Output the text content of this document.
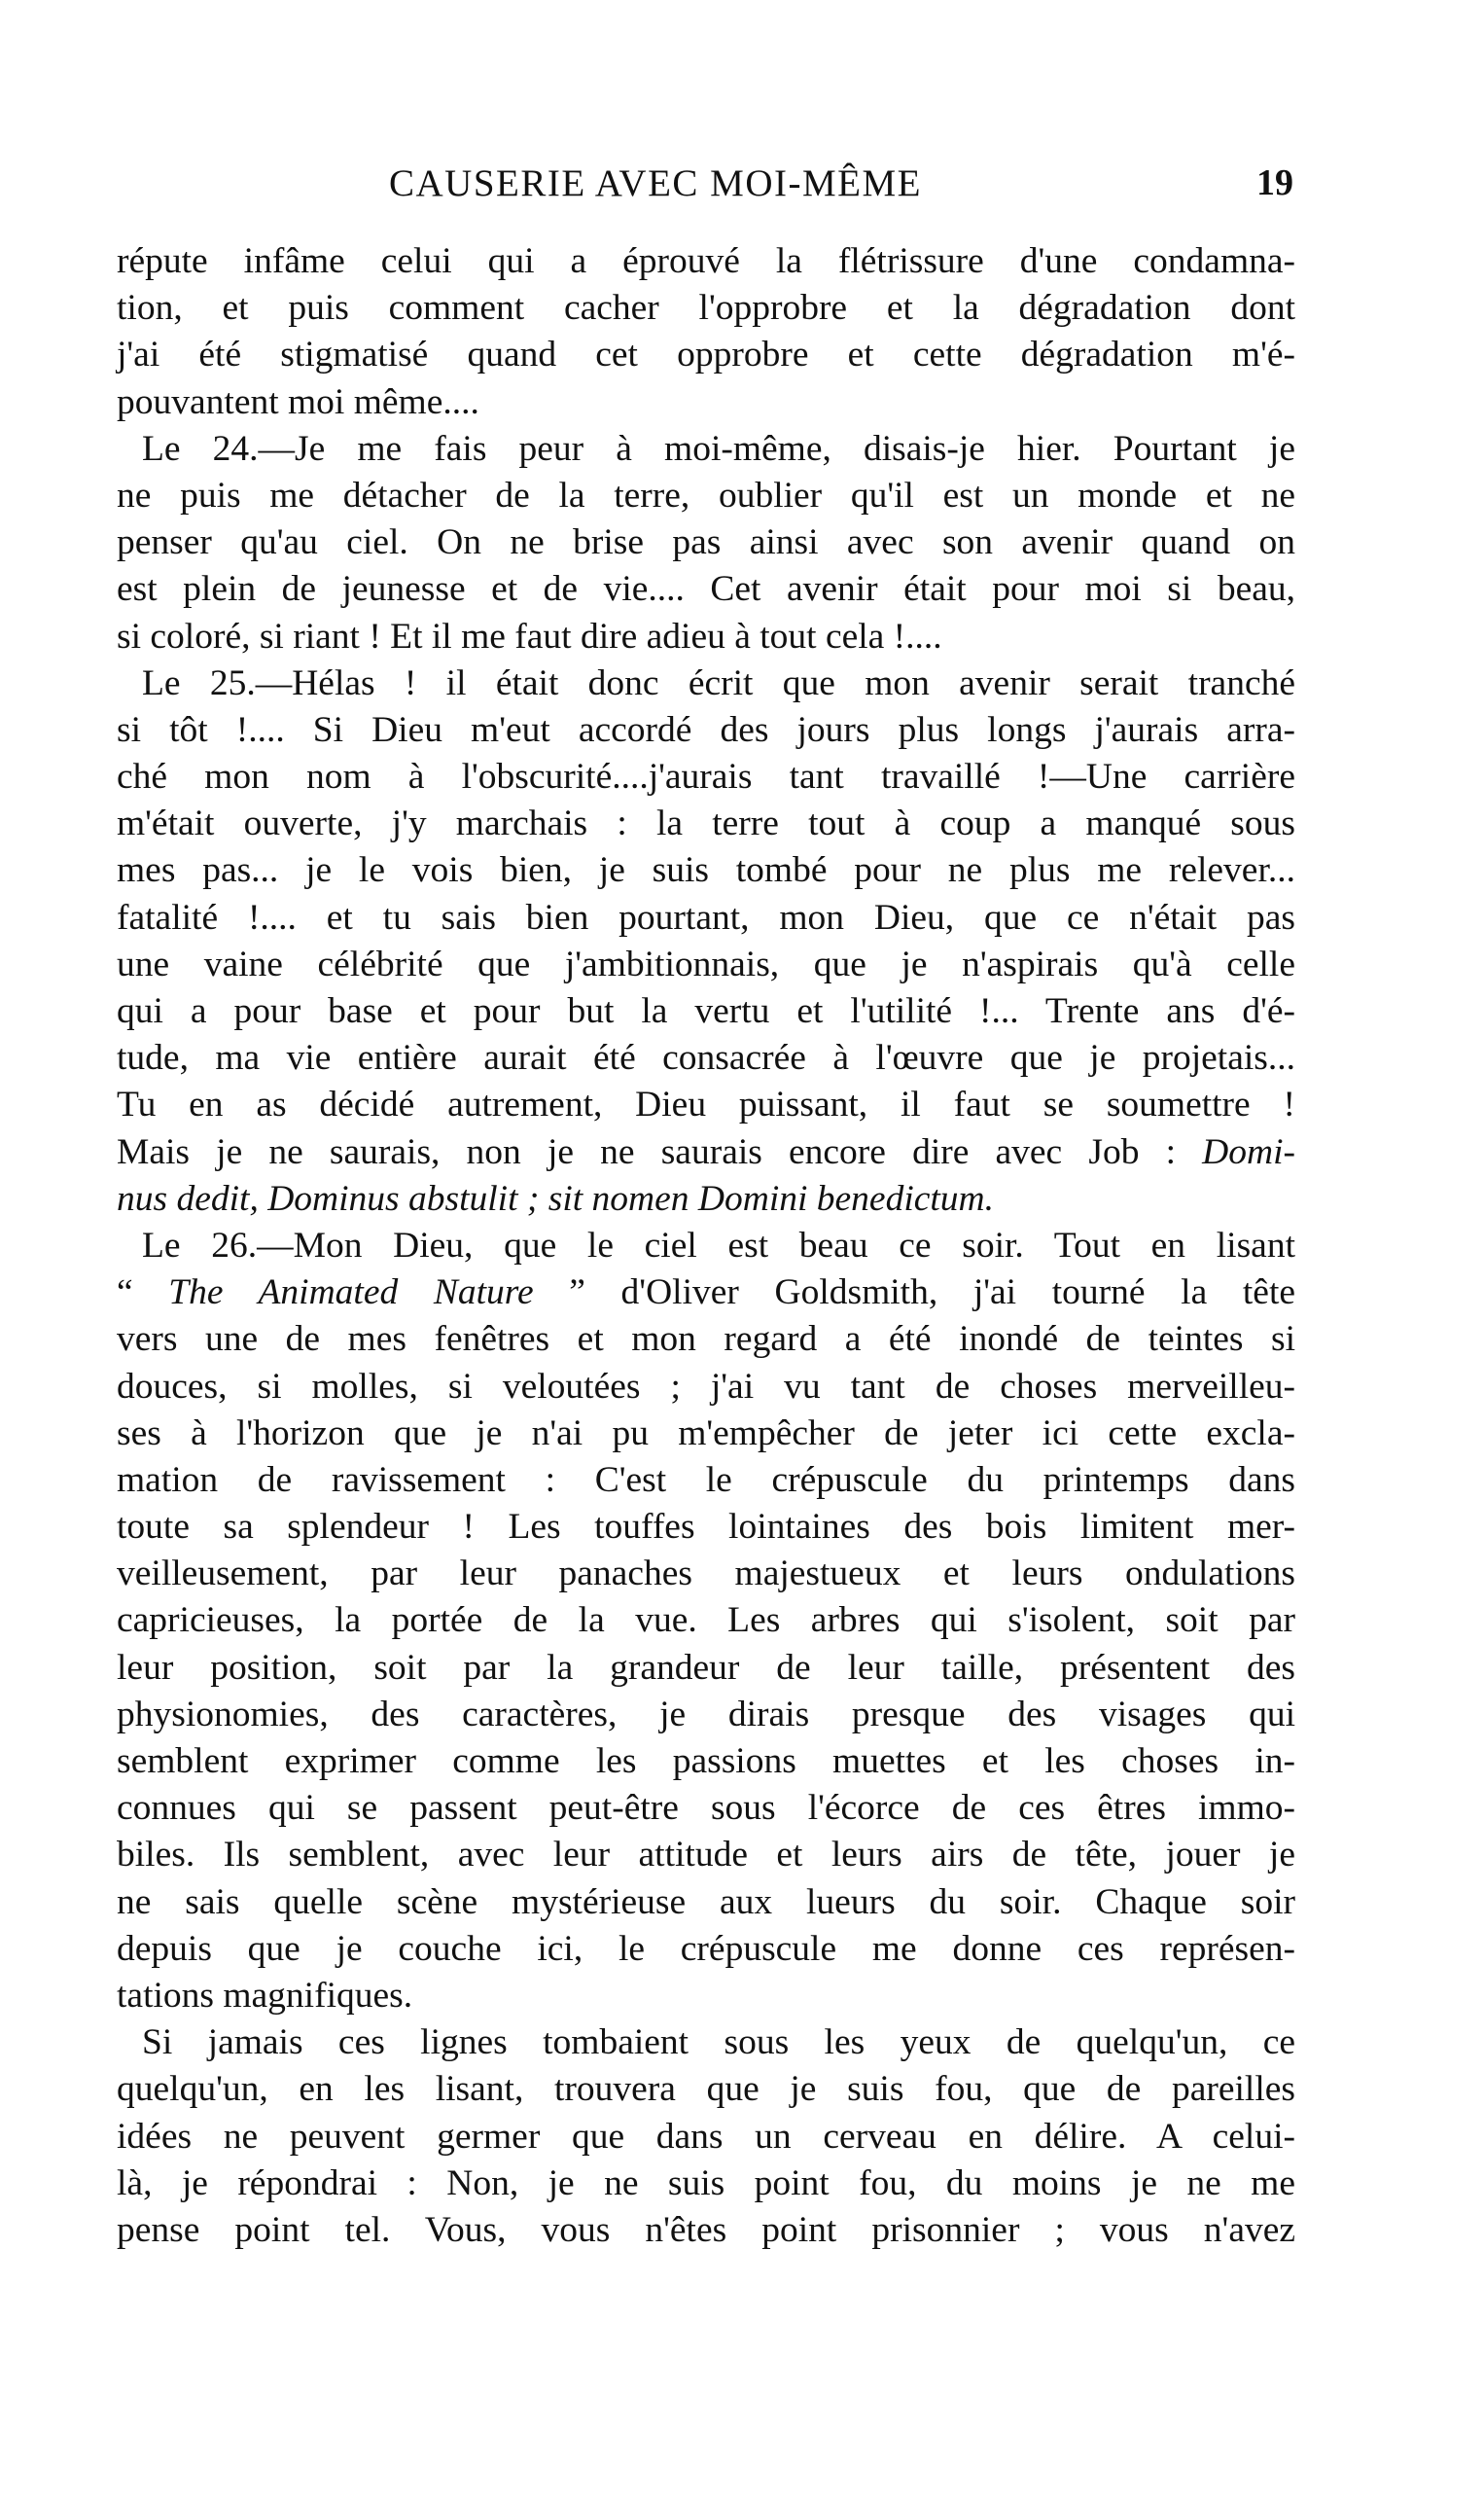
CAUSERIE AVEC MOI-MÊME	19
répute infâme celui qui a éprouvé la flétrissure d'une condamna-
tion, et puis comment cacher l'opprobre et la dégradation dont
j'ai été stigmatisé quand cet opprobre et cette dégradation m'é-
pouvantent moi même....
Le 24.—Je me fais peur à moi-même, disais-je hier. Pourtant je
ne puis me détacher de la terre, oublier qu'il est un monde et ne
penser qu'au ciel. On ne brise pas ainsi avec son avenir quand on
est plein de jeunesse et de vie.... Cet avenir était pour moi si beau,
si coloré, si riant ! Et il me faut dire adieu à tout cela !....
Le 25.—Hélas ! il était donc écrit que mon avenir serait tranché
si tôt !.... Si Dieu m'eut accordé des jours plus longs j'aurais arra-
ché mon nom à l'obscurité....j'aurais tant travaillé !—Une carrière
m'était ouverte, j'y marchais : la terre tout à coup a manqué sous
mes pas... je le vois bien, je suis tombé pour ne plus me relever...
fatalité !.... et tu sais bien pourtant, mon Dieu, que ce n'était pas
une vaine célébrité que j'ambitionnais, que je n'aspirais qu'à celle
qui a pour base et pour but la vertu et l'utilité !... Trente ans d'é-
tude, ma vie entière aurait été consacrée à l'œuvre que je projetais...
Tu en as décidé autrement, Dieu puissant, il faut se soumettre !
Mais je ne saurais, non je ne saurais encore dire avec Job : Domi-
nus dedit, Dominus abstulit ; sit nomen Domini benedictum.
Le 26.—Mon Dieu, que le ciel est beau ce soir. Tout en lisant
“ The Animated Nature ” d'Oliver Goldsmith, j'ai tourné la tête
vers une de mes fenêtres et mon regard a été inondé de teintes si
douces, si molles, si veloutées ; j'ai vu tant de choses merveilleu-
ses à l'horizon que je n'ai pu m'empêcher de jeter ici cette excla-
mation de ravissement : C'est le crépuscule du printemps dans
toute sa splendeur ! Les touffes lointaines des bois limitent mer-
veilleusement, par leur panaches majestueux et leurs ondulations
capricieuses, la portée de la vue. Les arbres qui s'isolent, soit par
leur position, soit par la grandeur de leur taille, présentent des
physionomies, des caractères, je dirais presque des visages qui
semblent exprimer comme les passions muettes et les choses in-
connues qui se passent peut-être sous l'écorce de ces êtres immo-
biles. Ils semblent, avec leur attitude et leurs airs de tête, jouer je
ne sais quelle scène mystérieuse aux lueurs du soir. Chaque soir
depuis que je couche ici, le crépuscule me donne ces représen-
tations magnifiques.
Si jamais ces lignes tombaient sous les yeux de quelqu'un, ce
quelqu'un, en les lisant, trouvera que je suis fou, que de pareilles
idées ne peuvent germer que dans un cerveau en délire. A celui-
là, je répondrai : Non, je ne suis point fou, du moins je ne me
pense point tel. Vous, vous n'êtes point prisonnier ; vous n'avez
